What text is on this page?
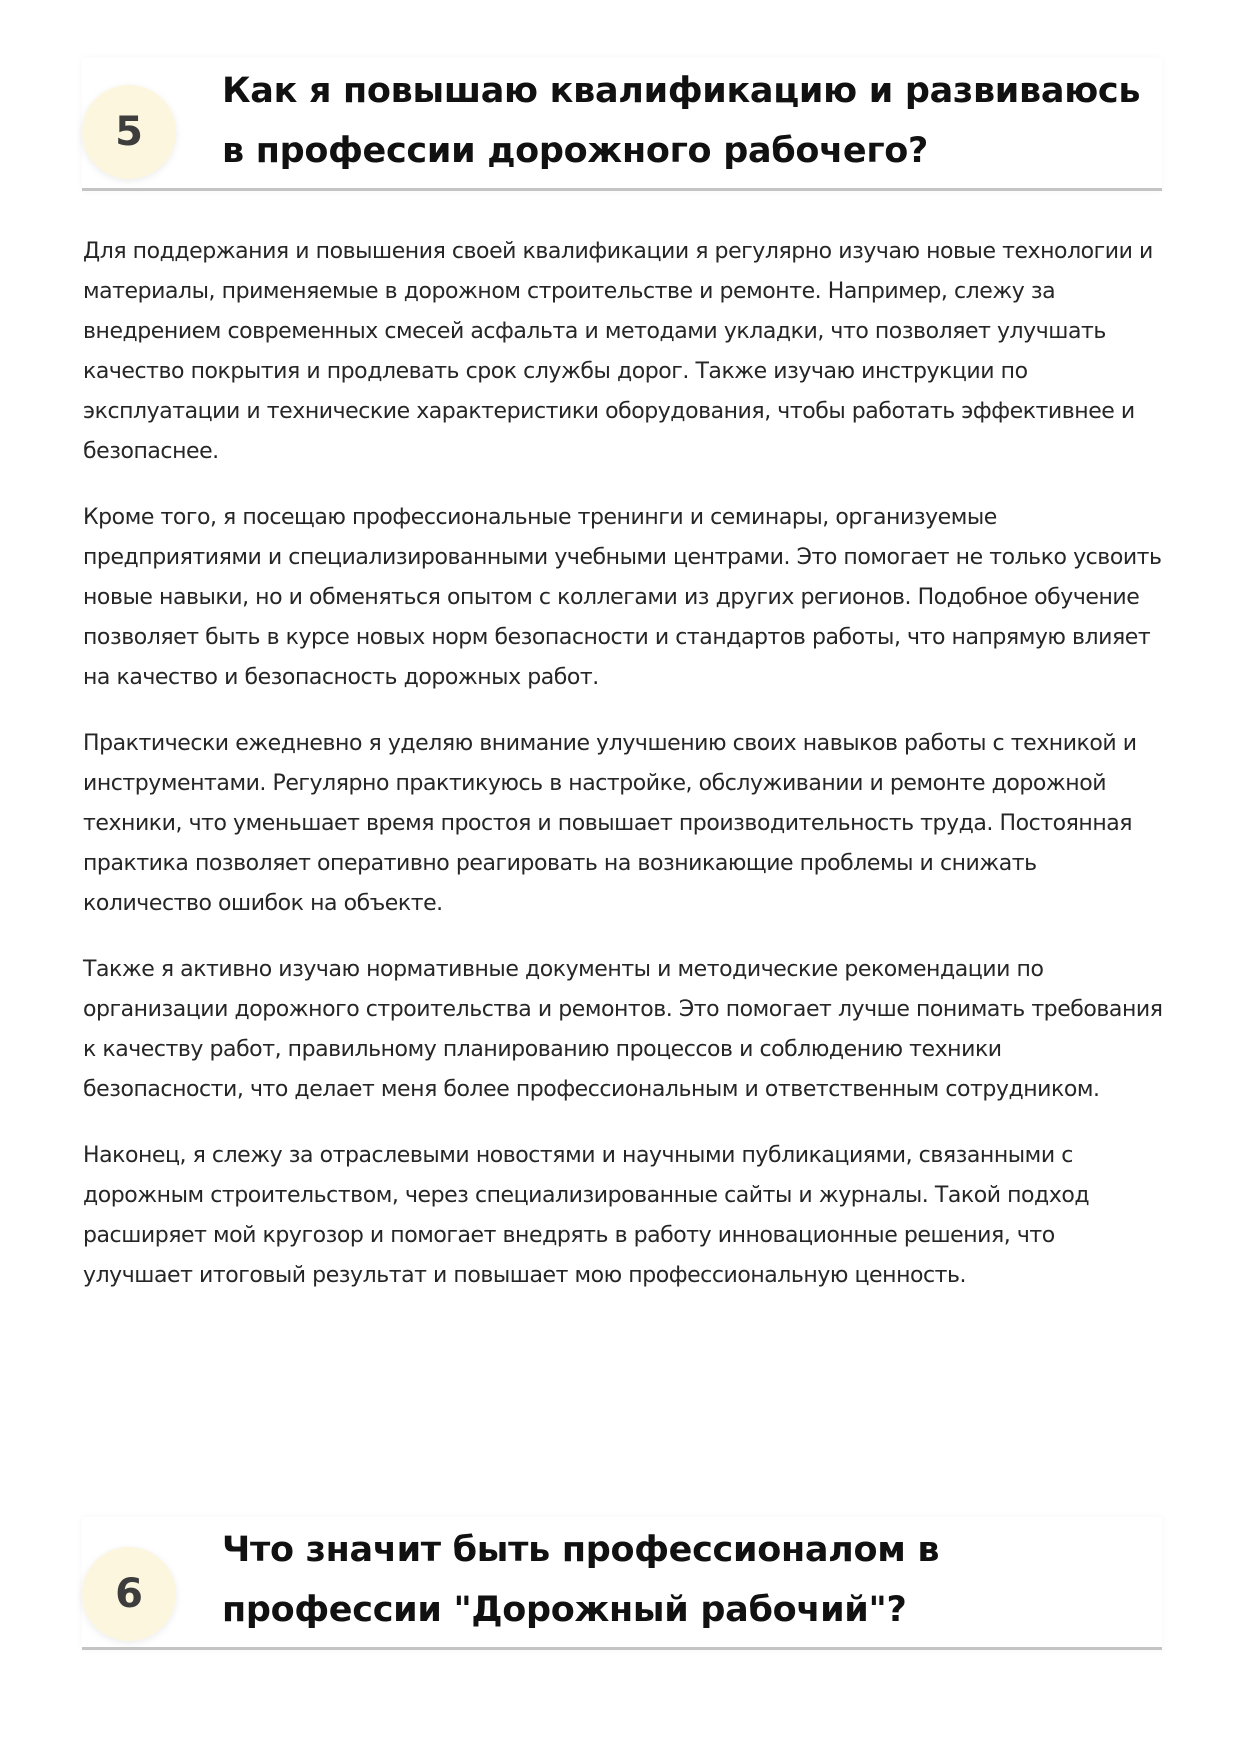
5
Как я повышаю квалификацию и развиваюсь в профессии дорожного рабочего?

Для поддержания и повышения своей квалификации я регулярно изучаю новые технологии и материалы, применяемые в дорожном строительстве и ремонте. Например, слежу за внедрением современных смесей асфальта и методами укладки, что позволяет улучшать качество покрытия и продлевать срок службы дорог. Также изучаю инструкции по эксплуатации и технические характеристики оборудования, чтобы работать эффективнее и безопаснее.

Кроме того, я посещаю профессиональные тренинги и семинары, организуемые предприятиями и специализированными учебными центрами. Это помогает не только усвоить новые навыки, но и обменяться опытом с коллегами из других регионов. Подобное обучение позволяет быть в курсе новых норм безопасности и стандартов работы, что напрямую влияет на качество и безопасность дорожных работ.

Практически ежедневно я уделяю внимание улучшению своих навыков работы с техникой и инструментами. Регулярно практикуюсь в настройке, обслуживании и ремонте дорожной техники, что уменьшает время простоя и повышает производительность труда. Постоянная практика позволяет оперативно реагировать на возникающие проблемы и снижать количество ошибок на объекте.

Также я активно изучаю нормативные документы и методические рекомендации по организации дорожного строительства и ремонтов. Это помогает лучше понимать требования к качеству работ, правильному планированию процессов и соблюдению техники безопасности, что делает меня более профессиональным и ответственным сотрудником.

Наконец, я слежу за отраслевыми новостями и научными публикациями, связанными с дорожным строительством, через специализированные сайты и журналы. Такой подход расширяет мой кругозор и помогает внедрять в работу инновационные решения, что улучшает итоговый результат и повышает мою профессиональную ценность.

6
Что значит быть профессионалом в профессии "Дорожный рабочий"?
